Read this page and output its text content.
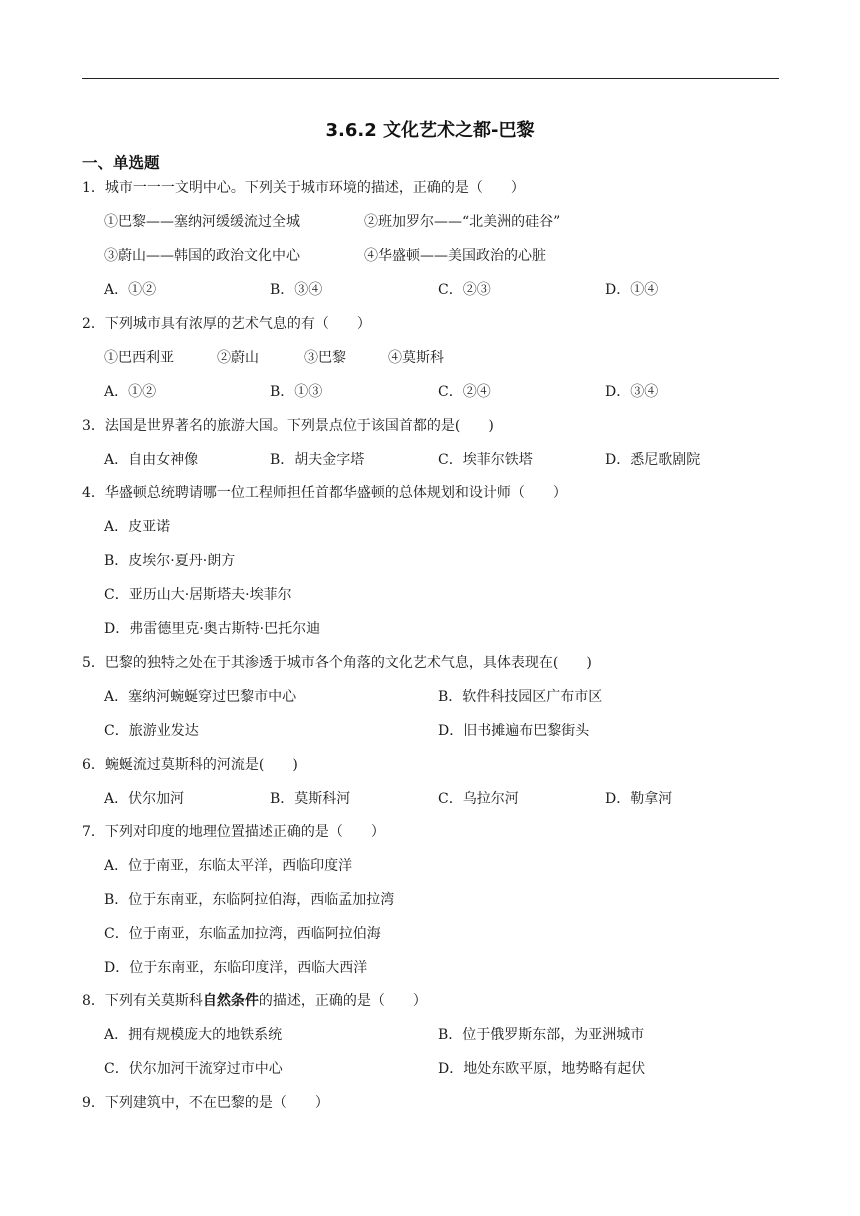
3.6.2 文化艺术之都-巴黎
一、单选题
1．城市一一一文明中心。下列关于城市环境的描述，正确的是（　　）
①巴黎——塞纳河缓缓流过全城	②班加罗尔——“北美洲的硅谷”
③蔚山——韩国的政治文化中心	④华盛顿——美国政治的心脏
A．①②	B．③④	C．②③	D．①④
2．下列城市具有浓厚的艺术气息的有（　　）
①巴西利亚	②蔚山	③巴黎	④莫斯科
A．①②	B．①③	C．②④	D．③④
3．法国是世界著名的旅游大国。下列景点位于该国首都的是(　　)
A．自由女神像	B．胡夫金字塔	C．埃菲尔铁塔	D．悉尼歌剧院
4．华盛顿总统聘请哪一位工程师担任首都华盛顿的总体规划和设计师（　　）
A．皮亚诺
B．皮埃尔·夏丹·朗方
C．亚历山大·居斯塔夫·埃菲尔
D．弗雷德里克·奥古斯特·巴托尔迪
5．巴黎的独特之处在于其渗透于城市各个角落的文化艺术气息，具体表现在(　　)
A．塞纳河蜿蜒穿过巴黎市中心	B．软件科技园区广布市区
C．旅游业发达	D．旧书摊遍布巴黎街头
6．蜿蜒流过莫斯科的河流是(　　)
A．伏尔加河	B．莫斯科河	C．乌拉尔河	D．勒拿河
7．下列对印度的地理位置描述正确的是（　　）
A．位于南亚，东临太平洋，西临印度洋
B．位于东南亚，东临阿拉伯海，西临孟加拉湾
C．位于南亚，东临孟加拉湾，西临阿拉伯海
D．位于东南亚，东临印度洋，西临大西洋
8．下列有关莫斯科自然条件的描述，正确的是（　　）
A．拥有规模庞大的地铁系统	B．位于俄罗斯东部，为亚洲城市
C．伏尔加河干流穿过市中心	D．地处东欧平原，地势略有起伏
9．下列建筑中，不在巴黎的是（　　）
